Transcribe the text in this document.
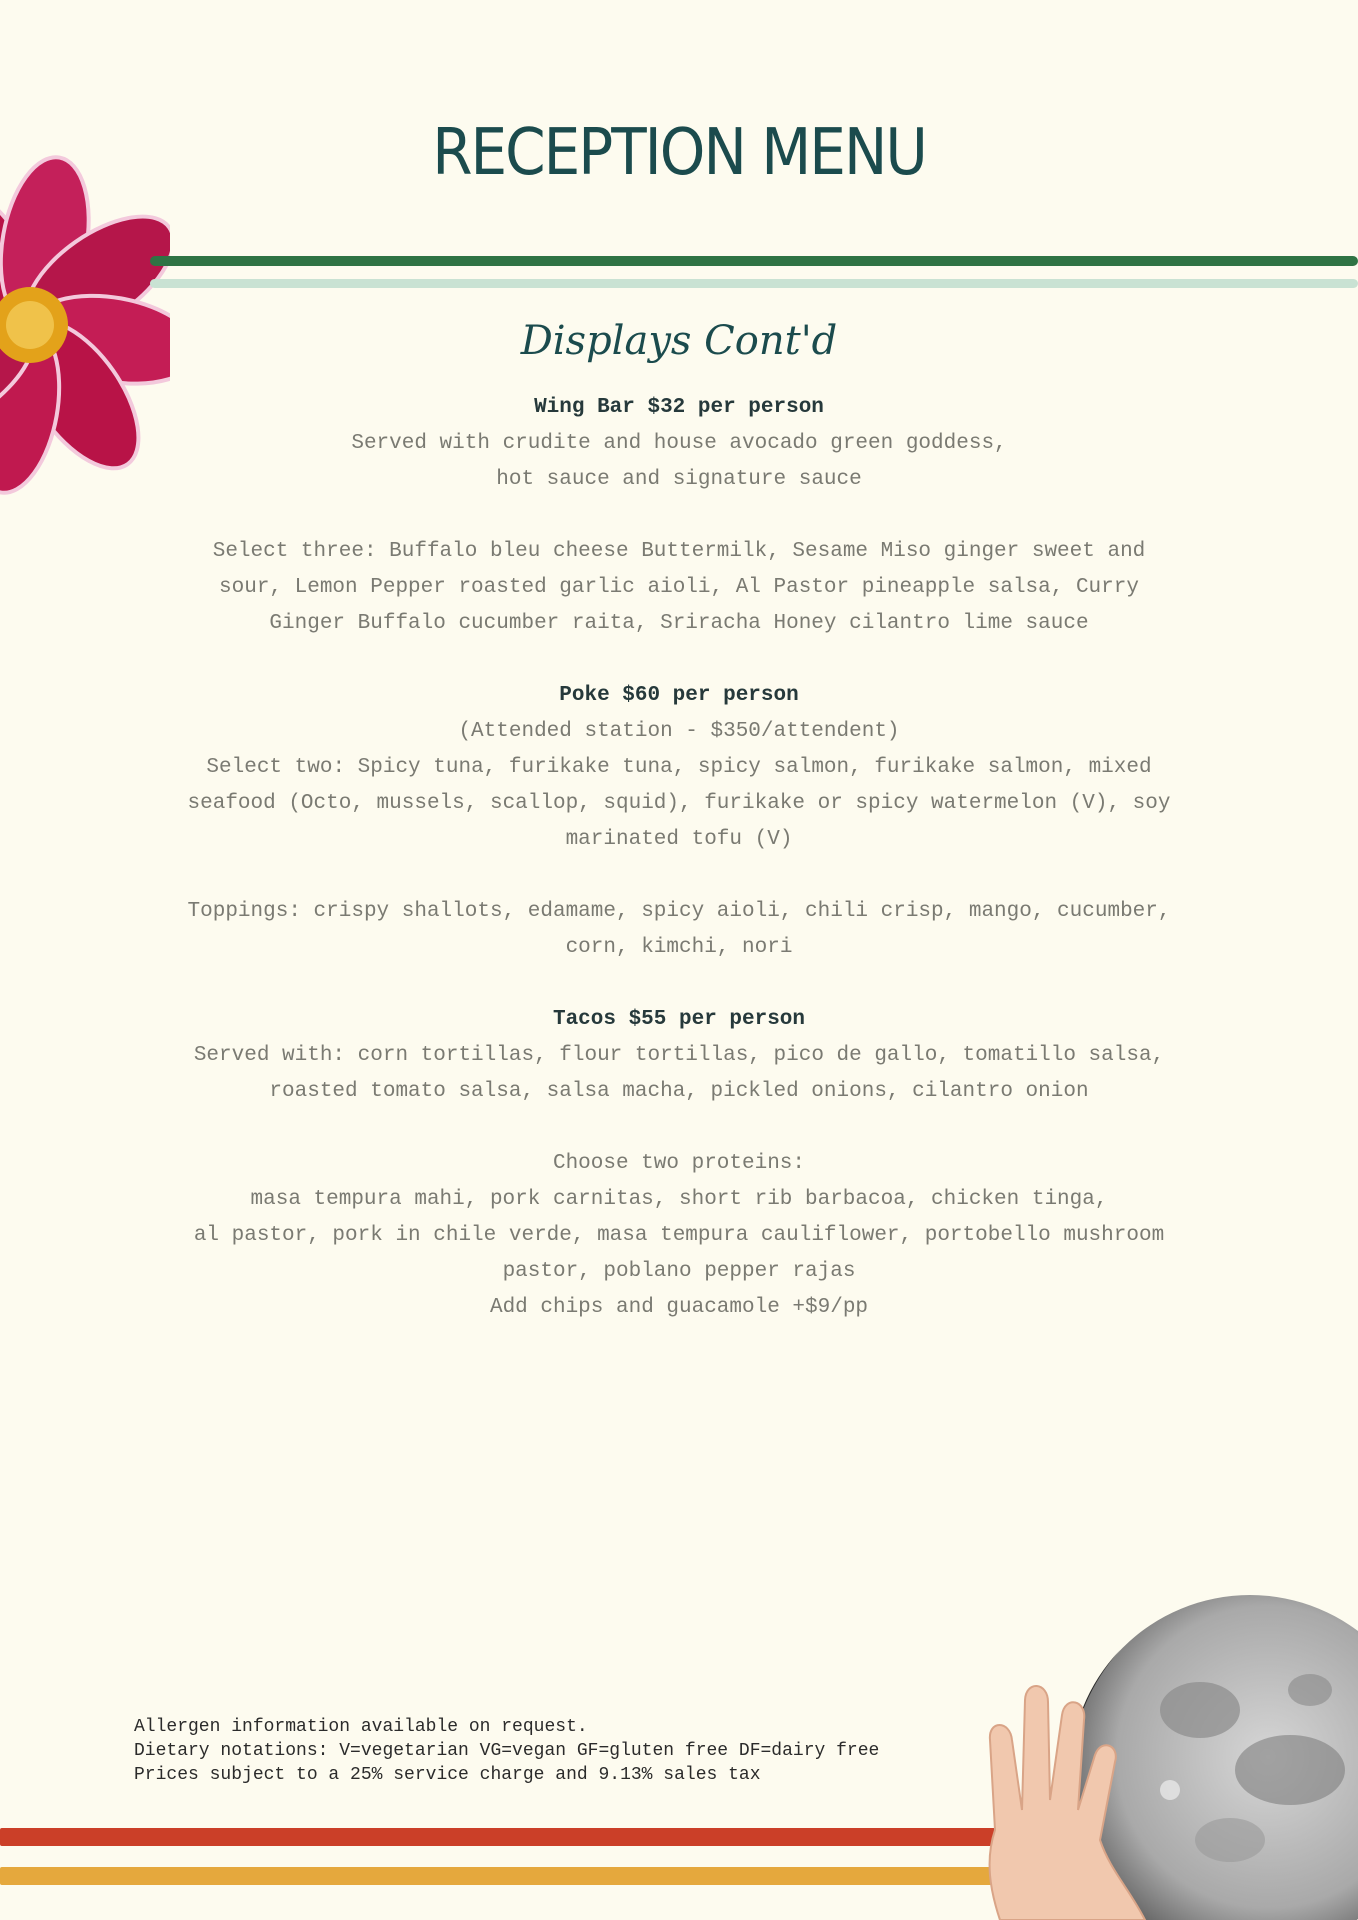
RECEPTION MENU
Displays Cont'd

Wing Bar $32 per person

Served with crudite and house avocado green goddess,

hot sauce and signature sauce

Select three: Buffalo bleu cheese Buttermilk, Sesame Miso ginger sweet and

sour, Lemon Pepper roasted garlic aioli, Al Pastor pineapple salsa, Curry

Ginger Buffalo cucumber raita, Sriracha Honey cilantro lime sauce

Poke $60 per person

(Attended station - $350/attendent)

Select two: Spicy tuna, furikake tuna, spicy salmon, furikake salmon, mixed

seafood (Octo, mussels, scallop, squid), furikake or spicy watermelon (V), soy

marinated tofu (V)

Toppings: crispy shallots, edamame, spicy aioli, chili crisp, mango, cucumber,

corn, kimchi, nori

Tacos $55 per person

Served with: corn tortillas, flour tortillas, pico de gallo, tomatillo salsa,

roasted tomato salsa, salsa macha, pickled onions, cilantro onion

Choose two proteins:

masa tempura mahi, pork carnitas, short rib barbacoa, chicken tinga,

al pastor, pork in chile verde, masa tempura cauliflower, portobello mushroom

pastor, poblano pepper rajas

Add chips and guacamole +$9/pp

Allergen information available on request.

Dietary notations: V=vegetarian VG=vegan GF=gluten free DF=dairy free

Prices subject to a 25% service charge and 9.13% sales tax
